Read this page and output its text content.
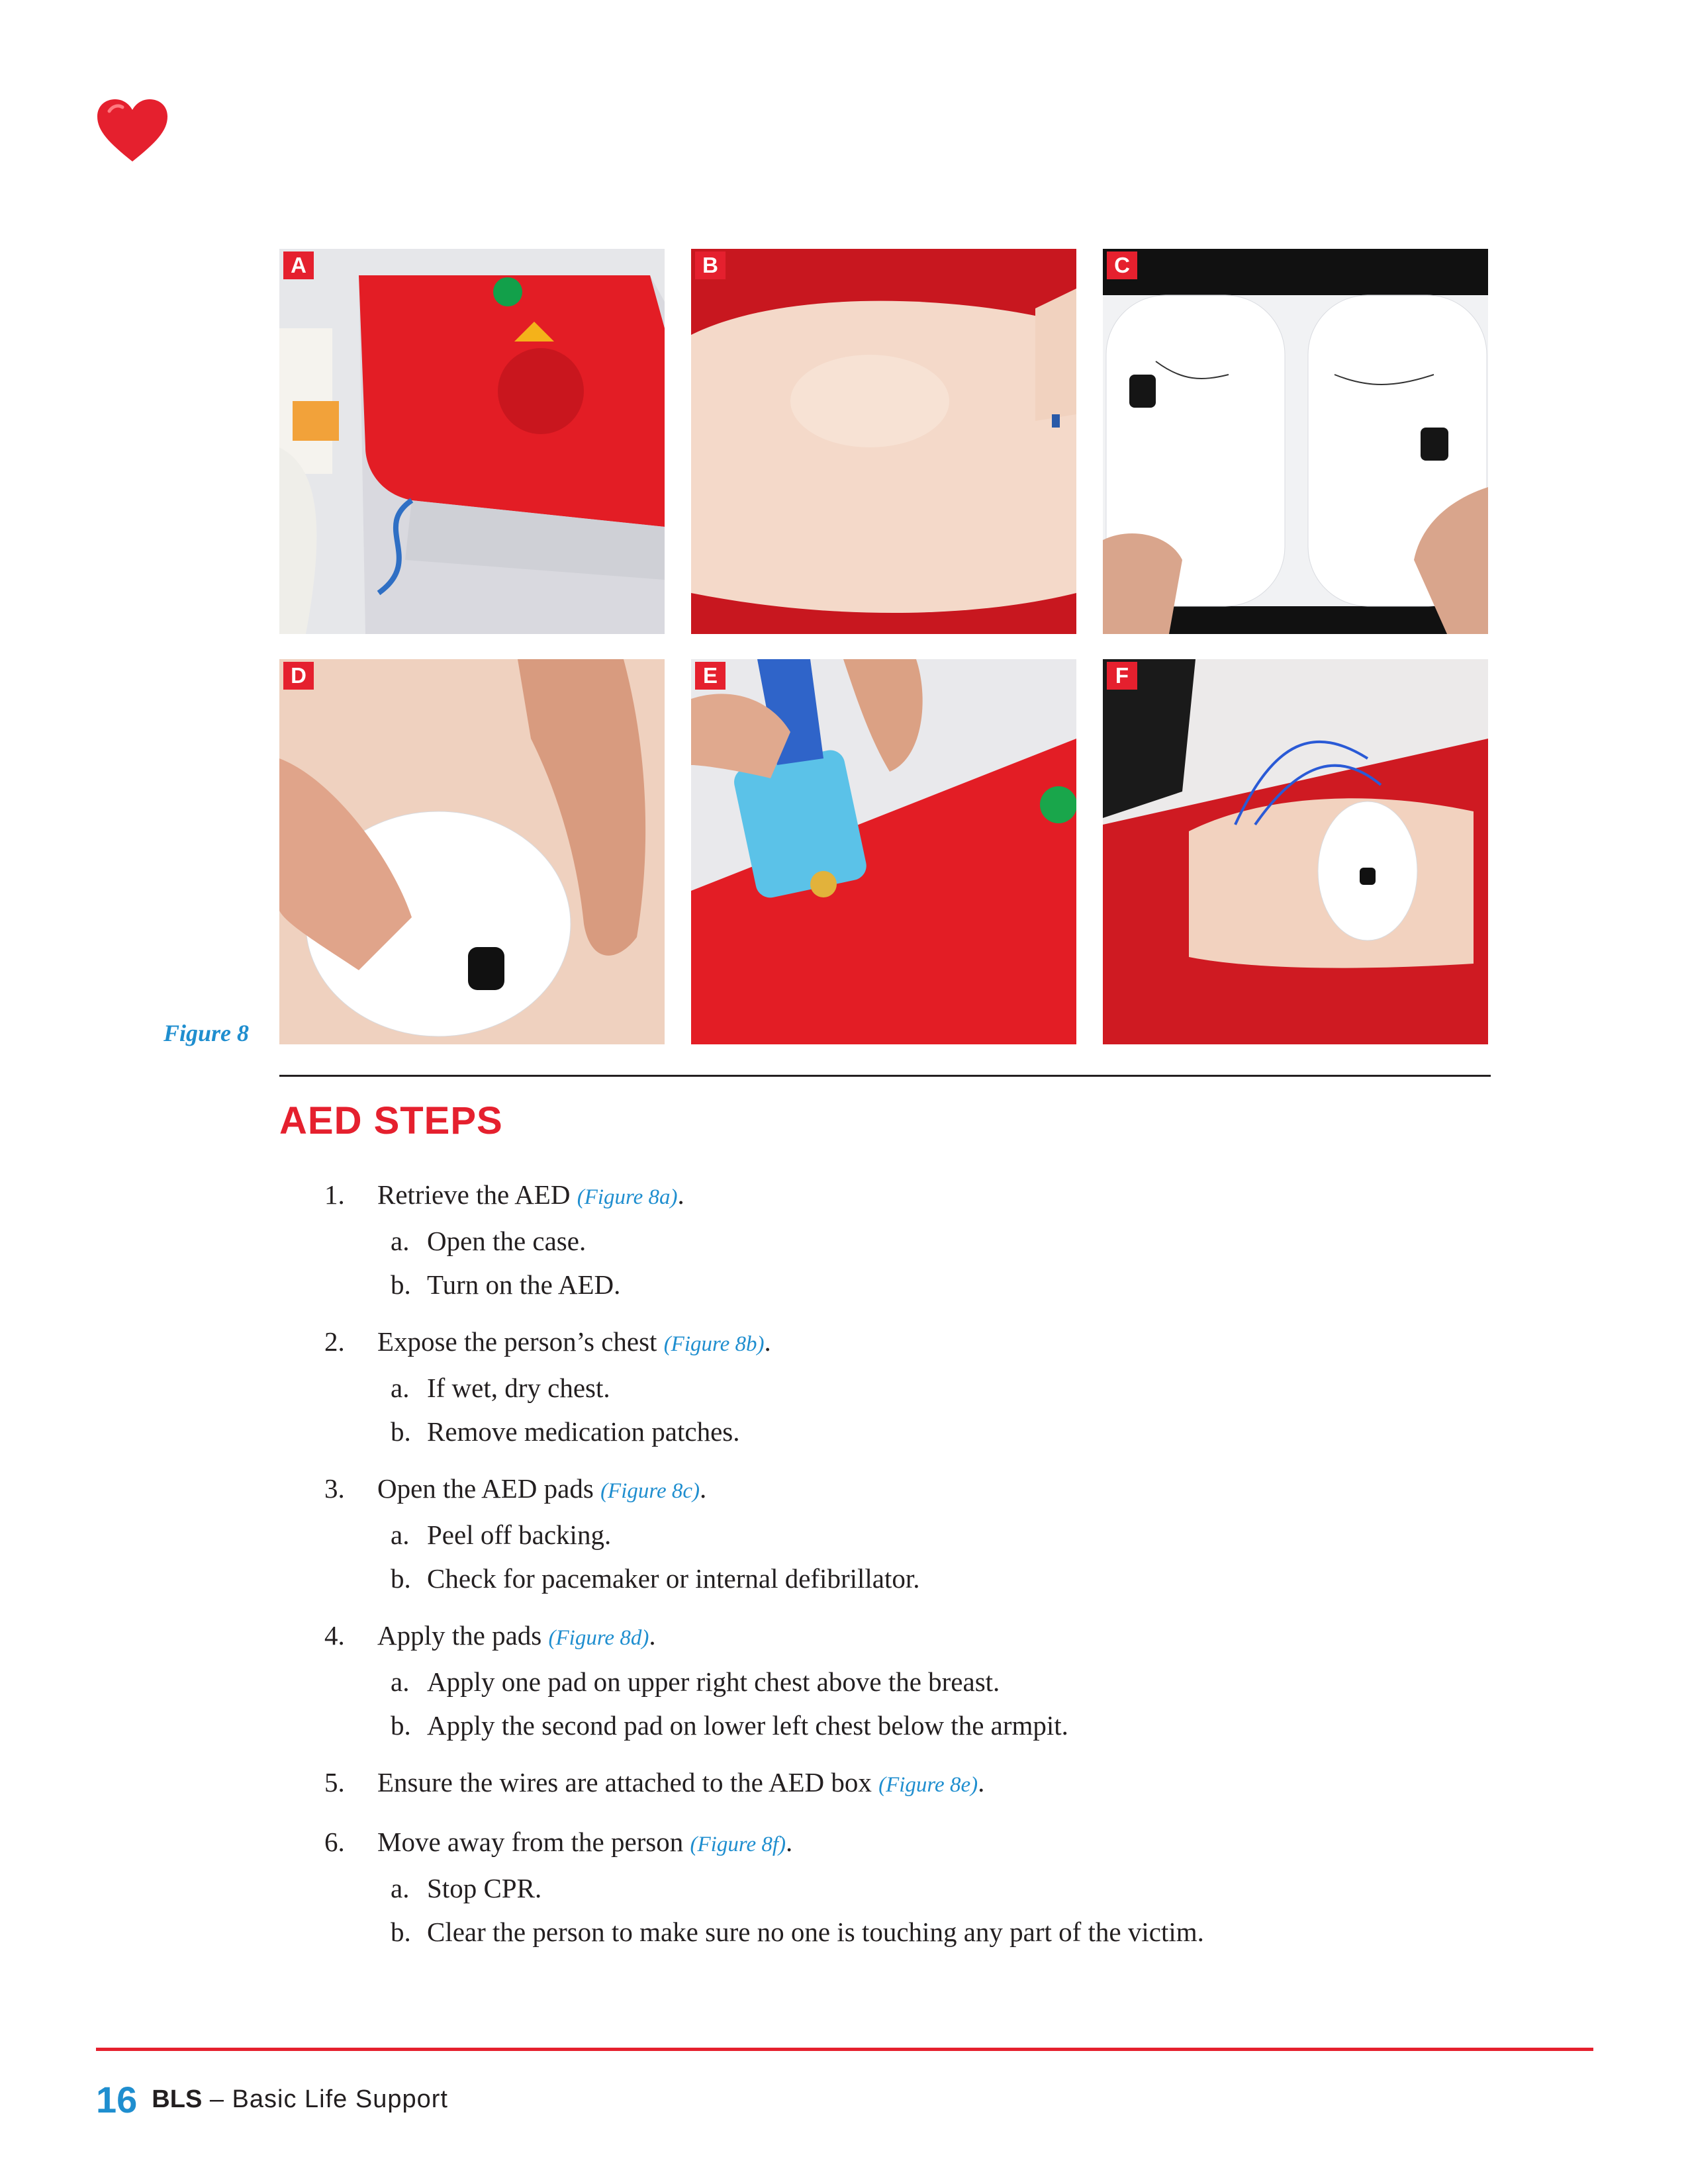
A	B	C
D	E	F
Figure 8
AED STEPS
1. Retrieve the AED (Figure 8a).
a. Open the case.
b. Turn on the AED.
2. Expose the person’s chest (Figure 8b).
a. If wet, dry chest.
b. Remove medication patches.
3. Open the AED pads (Figure 8c).
a. Peel off backing.
b. Check for pacemaker or internal defibrillator.
4. Apply the pads (Figure 8d).
a. Apply one pad on upper right chest above the breast.
b. Apply the second pad on lower left chest below the armpit.
5. Ensure the wires are attached to the AED box (Figure 8e).
6. Move away from the person (Figure 8f).
a. Stop CPR.
b. Clear the person to make sure no one is touching any part of the victim.
16 BLS – Basic Life Support
